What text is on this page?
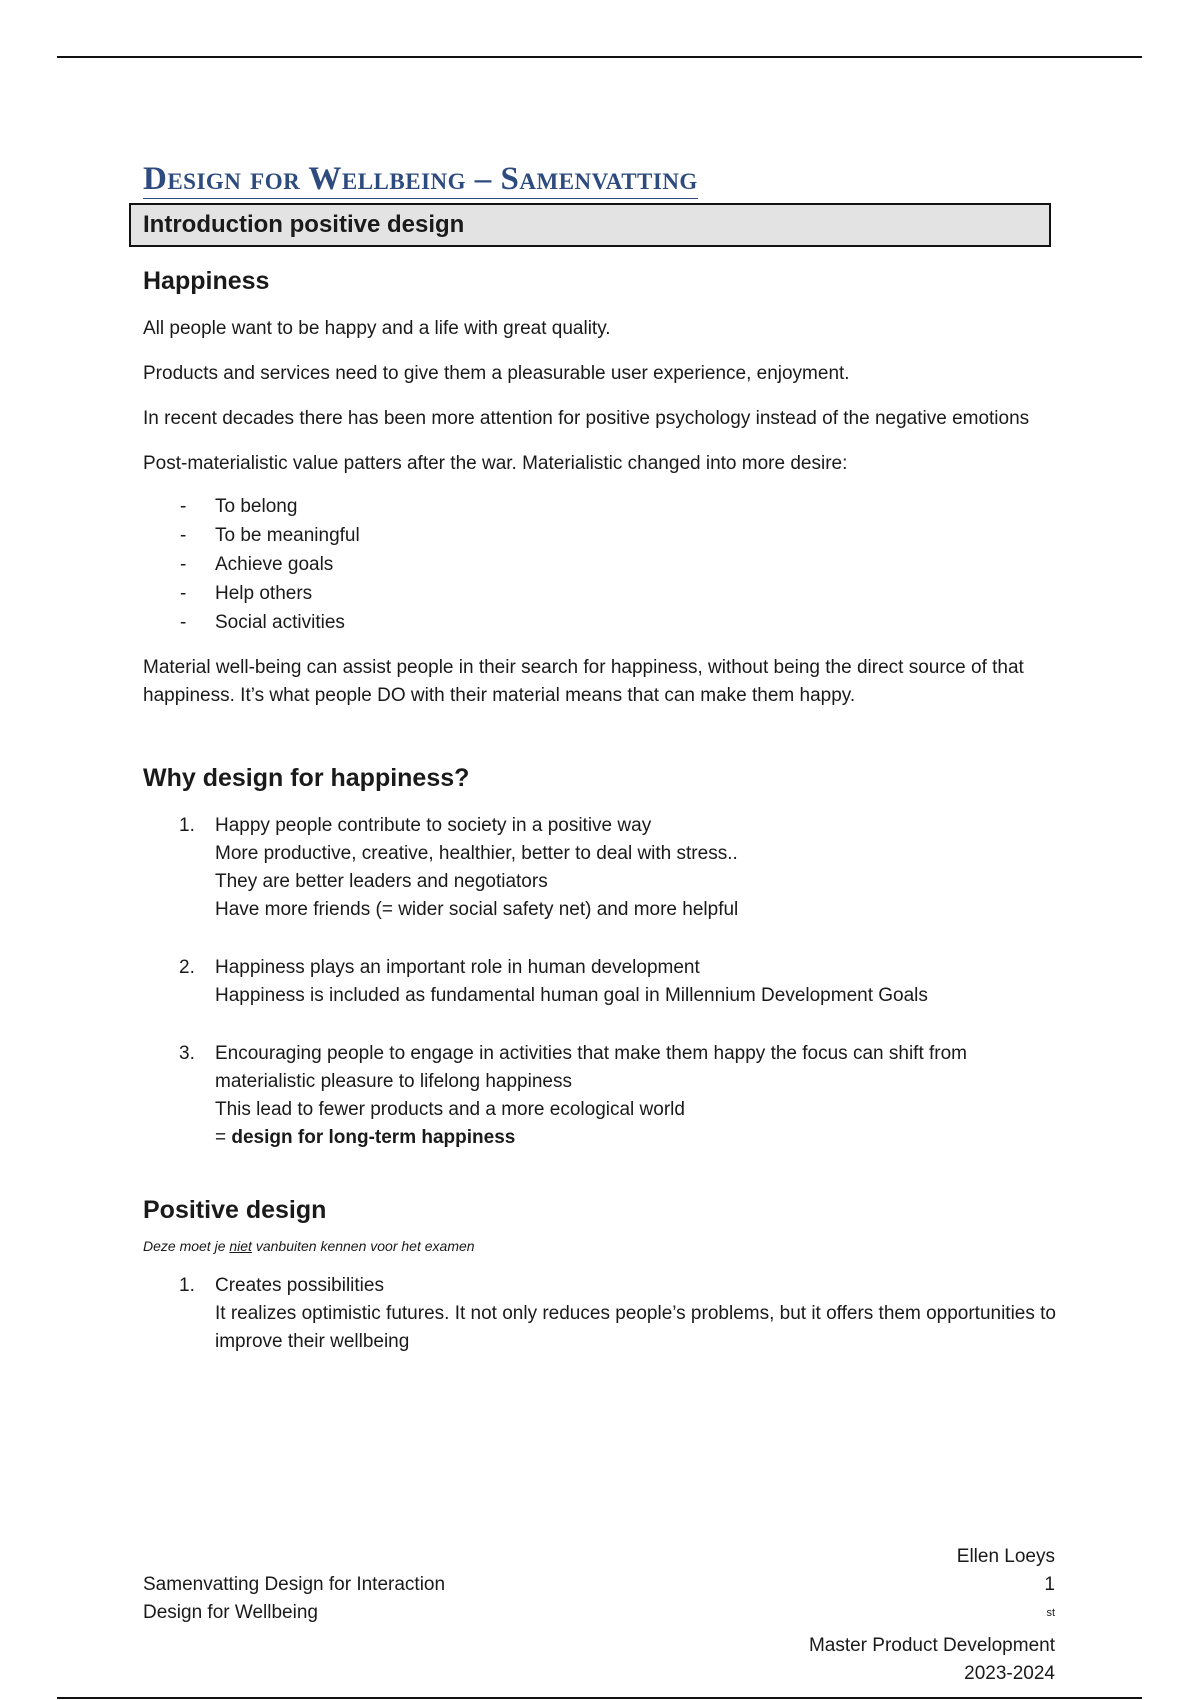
Design for Wellbeing – Samenvatting
Introduction positive design
Happiness

All people want to be happy and a life with great quality.

Products and services need to give them a pleasurable user experience, enjoyment.

In recent decades there has been more attention for positive psychology instead of the negative emotions

Post-materialistic value patters after the war. Materialistic changed into more desire:

- To belong
- To be meaningful
- Achieve goals
- Help others
- Social activities

Material well-being can assist people in their search for happiness, without being the direct source of that happiness. It’s what people DO with their material means that can make them happy.

Why design for happiness?
1. Happy people contribute to society in a positive way
More productive, creative, healthier, better to deal with stress..
They are better leaders and negotiators
Have more friends (= wider social safety net) and more helpful
2. Happiness plays an important role in human development
Happiness is included as fundamental human goal in Millennium Development Goals
3. Encouraging people to engage in activities that make them happy the focus can shift from materialistic pleasure to lifelong happiness
This lead to fewer products and a more ecological world
= design for long-term happiness
Positive design
Deze moet je niet vanbuiten kennen voor het examen
1. Creates possibilities
It realizes optimistic futures. It not only reduces people’s problems, but it offers them opportunities to improve their wellbeing
Samenvatting Design for Interaction
Design for Wellbeing
Ellen Loeys
1
$^{st}$
Master Product Development
2023-2024
